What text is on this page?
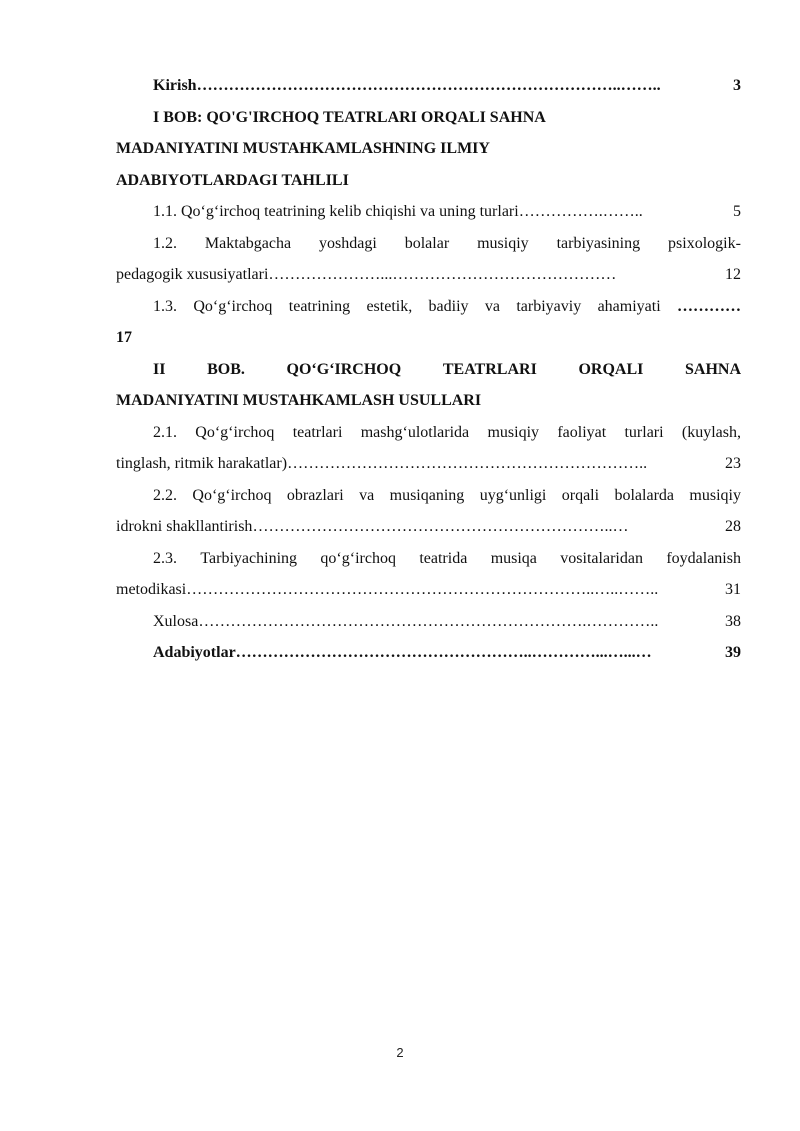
Kirish ……………………………………………………………………..……..	3
I BOB: QO'G'IRCHOQ TEATRLARI ORQALI SAHNA
MADANIYATINI MUSTAHKAMLASHNING ILMIY
ADABIYOTLARDAGI TAHLILI
1.1. Qo‘g‘irchoq teatrining kelib chiqishi va uning turlari …………….……..	5
1.2. Maktabgacha yoshdagi bolalar musiqiy tarbiyasining psixologik-
pedagogik xususiyatlari …………………...……………………………………	12
1.3. Qo‘g‘irchoq teatrining estetik, badiiy va tarbiyaviy ahamiyati …………
17
II	BOB.	QO‘G‘IRCHOQ	TEATRLARI	ORQALI	SAHNA
MADANIYATINI MUSTAHKAMLASH USULLARI
2.1. Qo‘g‘irchoq teatrlari mashg‘ulotlarida musiqiy faoliyat turlari (kuylash,
tinglash, ritmik harakatlar) …………………………………………………………..	23
2.2. Qo‘g‘irchoq obrazlari va musiqaning uyg‘unligi orqali bolalarda musiqiy
idrokni shakllantirish …………………………………………………………..…	28
2.3. Tarbiyachining qo‘g‘irchoq teatrida musiqa vositalaridan foydalanish
metodikasi …………………………………………………………………..…..……..	31
Xulosa ……………………………………………………………….…………..	38
Adabiyotlar ………………………………………………..…………...…...…	39
2
